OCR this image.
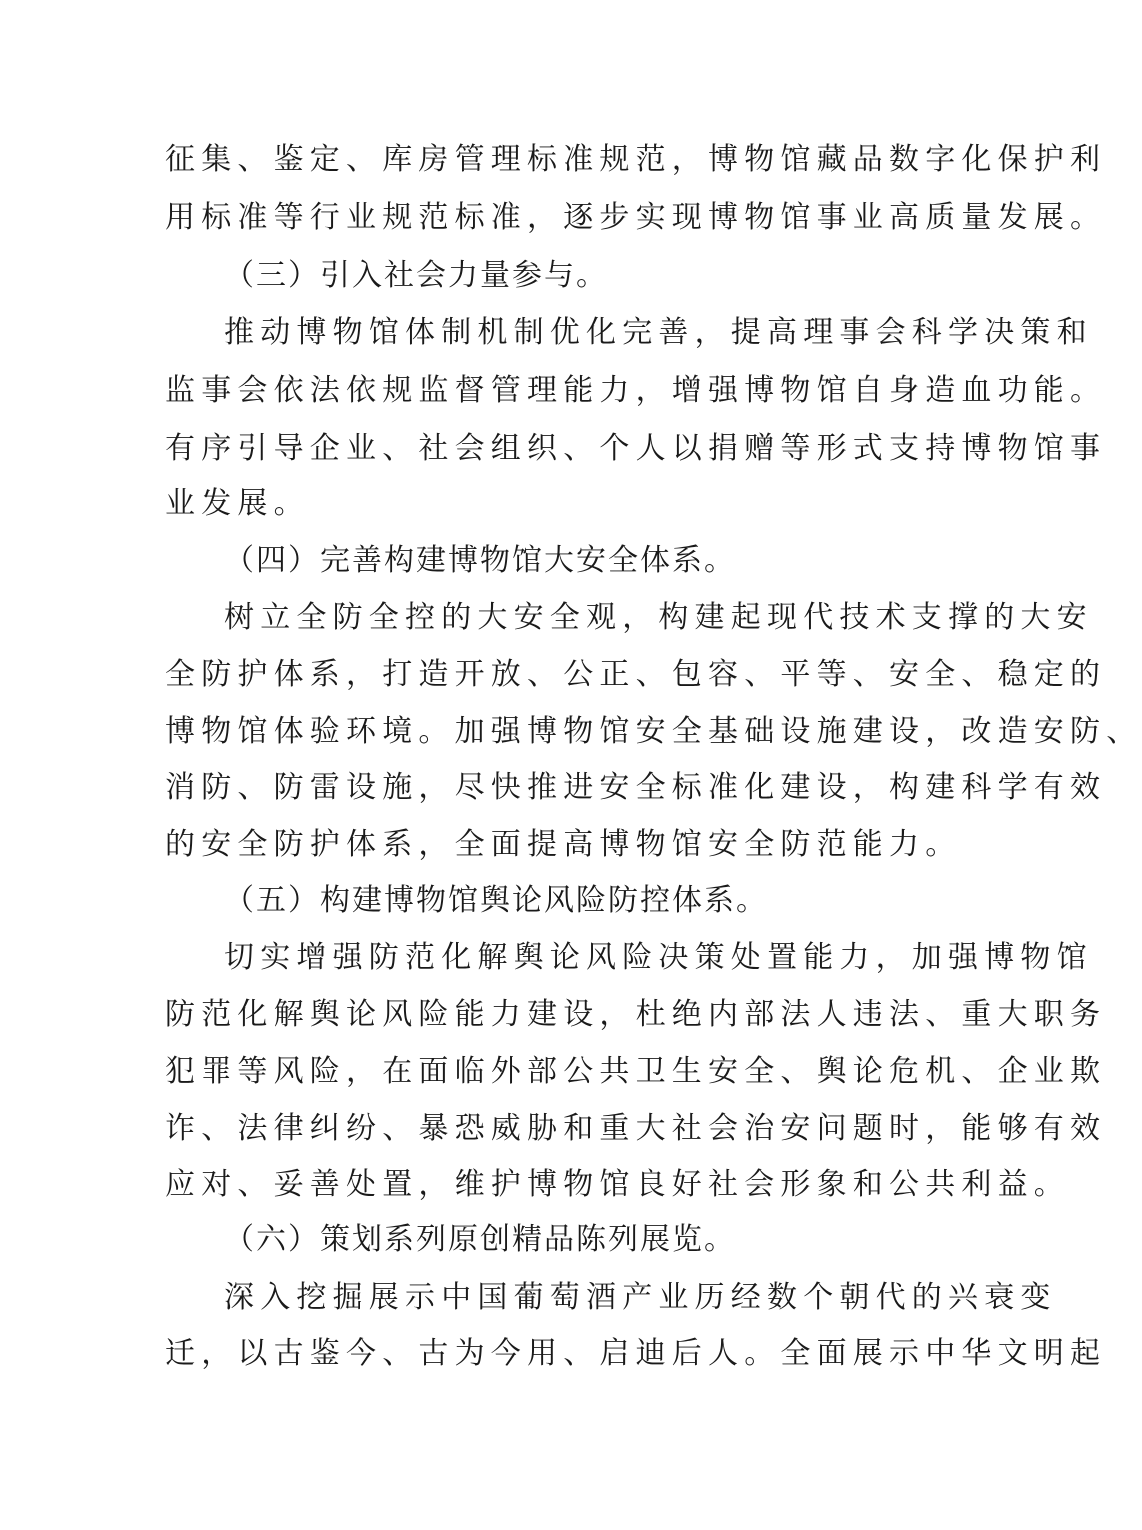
征集、鉴定、库房管理标准规范，博物馆藏品数字化保护利
用标准等行业规范标准，逐步实现博物馆事业高质量发展。
（三）引入社会力量参与。
推动博物馆体制机制优化完善，提高理事会科学决策和
监事会依法依规监督管理能力，增强博物馆自身造血功能。
有序引导企业、社会组织、个人以捐赠等形式支持博物馆事
业发展。
（四）完善构建博物馆大安全体系。
树立全防全控的大安全观，构建起现代技术支撑的大安
全防护体系，打造开放、公正、包容、平等、安全、稳定的
博物馆体验环境。加强博物馆安全基础设施建设，改造安防、
消防、防雷设施，尽快推进安全标准化建设，构建科学有效
的安全防护体系，全面提高博物馆安全防范能力。
（五）构建博物馆舆论风险防控体系。
切实增强防范化解舆论风险决策处置能力，加强博物馆
防范化解舆论风险能力建设，杜绝内部法人违法、重大职务
犯罪等风险，在面临外部公共卫生安全、舆论危机、企业欺
诈、法律纠纷、暴恐威胁和重大社会治安问题时，能够有效
应对、妥善处置，维护博物馆良好社会形象和公共利益。
（六）策划系列原创精品陈列展览。
深入挖掘展示中国葡萄酒产业历经数个朝代的兴衰变
迁，以古鉴今、古为今用、启迪后人。全面展示中华文明起
